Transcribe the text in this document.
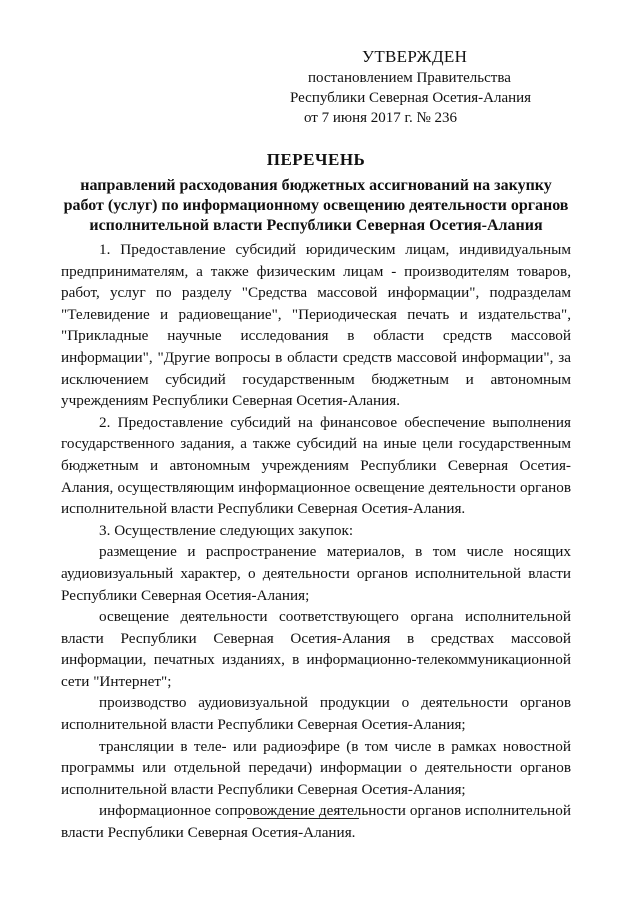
УТВЕРЖДЕН
постановлением Правительства
Республики Северная Осетия-Алания
от 7 июня 2017 г. № 236
ПЕРЕЧЕНЬ
направлений расходования бюджетных ассигнований на закупку работ (услуг) по информационному освещению деятельности органов исполнительной власти Республики Северная Осетия-Алания

1. Предоставление субсидий юридическим лицам, индивидуальным предпринимателям, а также физическим лицам - производителям товаров, работ, услуг по разделу "Средства массовой информации", подразделам "Телевидение и радиовещание", "Периодическая печать и издательства", "Прикладные научные исследования в области средств массовой информации", "Другие вопросы в области средств массовой информации", за исключением субсидий государственным бюджетным и автономным учреждениям Республики Северная Осетия-Алания.

2. Предоставление субсидий на финансовое обеспечение выполнения государственного задания, а также субсидий на иные цели государственным бюджетным и автономным учреждениям Республики Северная Осетия-Алания, осуществляющим информационное освещение деятельности органов исполнительной власти Республики Северная Осетия-Алания.

3. Осуществление следующих закупок:

размещение и распространение материалов, в том числе носящих аудиовизуальный характер, о деятельности органов исполнительной власти Республики Северная Осетия-Алания;

освещение деятельности соответствующего органа исполнительной власти Республики Северная Осетия-Алания в средствах массовой информации, печатных изданиях, в информационно-телекоммуникационной сети "Интернет";

производство аудиовизуальной продукции о деятельности органов исполнительной власти Республики Северная Осетия-Алания;

трансляции в теле- или радиоэфире (в том числе в рамках новостной программы или отдельной передачи) информации о деятельности органов исполнительной власти Республики Северная Осетия-Алания;

информационное сопровождение деятельности органов исполнительной власти Республики Северная Осетия-Алания.
